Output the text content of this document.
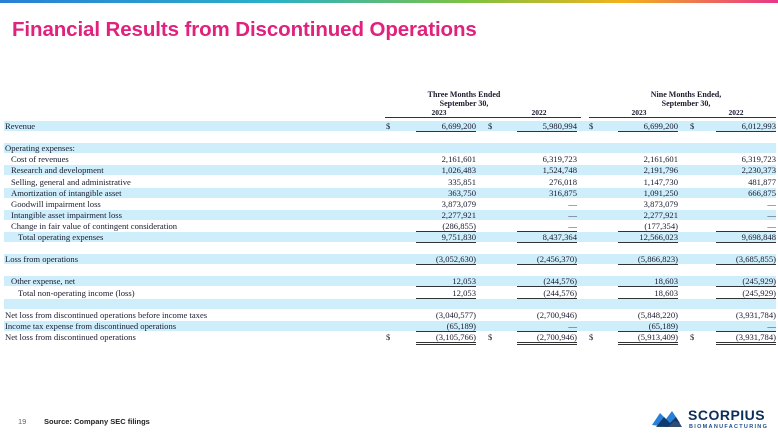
Financial Results from Discontinued Operations
Three Months Ended
September 30,
Nine Months Ended,
September 30,
2023	2022	2023	2022
Revenue	$	6,699,200 $	5,980,994 $	6,699,200 $	6,012,993
Operating expenses:
Cost of revenues	2,161,601	6,319,723	2,161,601	6,319,723
Research and development	1,026,483	1,524,748	2,191,796	2,230,373
Selling, general and administrative	335,851	276,018	1,147,730	481,877
Amortization of intangible asset	363,750	316,875	1,091,250	666,875
Goodwill impairment loss	3,873,079	—	3,873,079	—
Intangible asset impairment loss	2,277,921	—	2,277,921	—
Change in fair value of contingent consideration	(286,855)	—	(177,354)	—
Total operating expenses	9,751,830	8,437,364	12,566,023	9,698,848
Loss from operations	(3,052,630)	(2,456,370)	(5,866,823)	(3,685,855)
Other expense, net	12,053	(244,576)	18,603	(245,929)
Total non-operating income (loss)	12,053	(244,576)	18,603	(245,929)
Net loss from discontinued operations before income taxes	(3,040,577)	(2,700,946)	(5,848,220)	(3,931,784)
Income tax expense from discontinued operations	(65,189)	—	(65,189)	—
Net loss from discontinued operations	$	(3,105,766) $	(2,700,946) $	(5,913,409) $	(3,931,784)
19 Source: Company SEC filings	SCORPIUS
BIOMANUFACTURING
